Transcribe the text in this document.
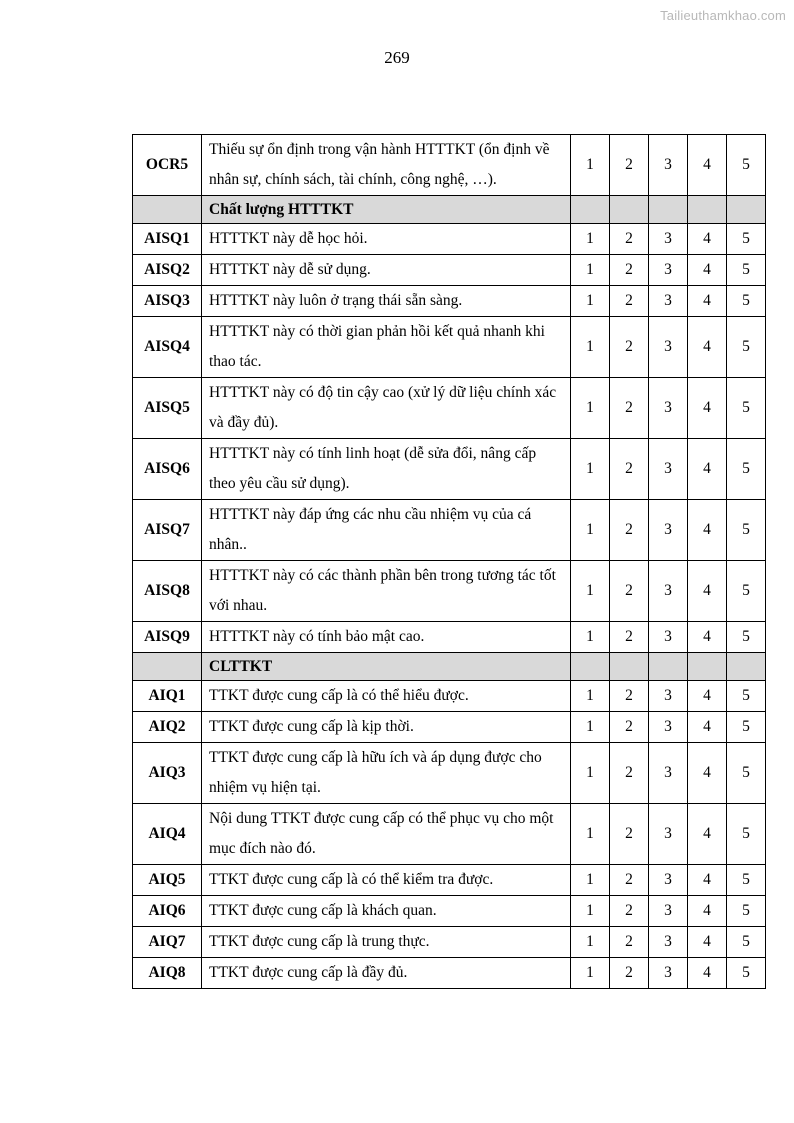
Tailieuthamkhao.com
269
OCR5	Thiếu sự ổn định trong vận hành HTTTKT (ổn định về nhân sự, chính sách, tài chính, công nghệ, …).	1	2	3	4	5
	Chất lượng HTTTKT					
AISQ1	HTTTKT này dễ học hỏi.	1	2	3	4	5
AISQ2	HTTTKT này dễ sử dụng.	1	2	3	4	5
AISQ3	HTTTKT này luôn ở trạng thái sẵn sàng.	1	2	3	4	5
AISQ4	HTTTKT này có thời gian phản hồi kết quả nhanh khi thao tác.	1	2	3	4	5
AISQ5	HTTTKT này có độ tin cậy cao (xử lý dữ liệu chính xác và đầy đủ).	1	2	3	4	5
AISQ6	HTTTKT này có tính linh hoạt (dễ sửa đổi, nâng cấp theo yêu cầu sử dụng).	1	2	3	4	5
AISQ7	HTTTKT này đáp ứng các nhu cầu nhiệm vụ của cá nhân..	1	2	3	4	5
AISQ8	HTTTKT này có các thành phần bên trong tương tác tốt với nhau.	1	2	3	4	5
AISQ9	HTTTKT này có tính bảo mật cao.	1	2	3	4	5
	CLTTKT					
AIQ1	TTKT được cung cấp là có thể hiểu được.	1	2	3	4	5
AIQ2	TTKT được cung cấp là kịp thời.	1	2	3	4	5
AIQ3	TTKT được cung cấp là hữu ích và áp dụng được cho nhiệm vụ hiện tại.	1	2	3	4	5
AIQ4	Nội dung TTKT được cung cấp có thể phục vụ cho một mục đích nào đó.	1	2	3	4	5
AIQ5	TTKT được cung cấp là có thể kiểm tra được.	1	2	3	4	5
AIQ6	TTKT được cung cấp là khách quan.	1	2	3	4	5
AIQ7	TTKT được cung cấp là trung thực.	1	2	3	4	5
AIQ8	TTKT được cung cấp là đầy đủ.	1	2	3	4	5
